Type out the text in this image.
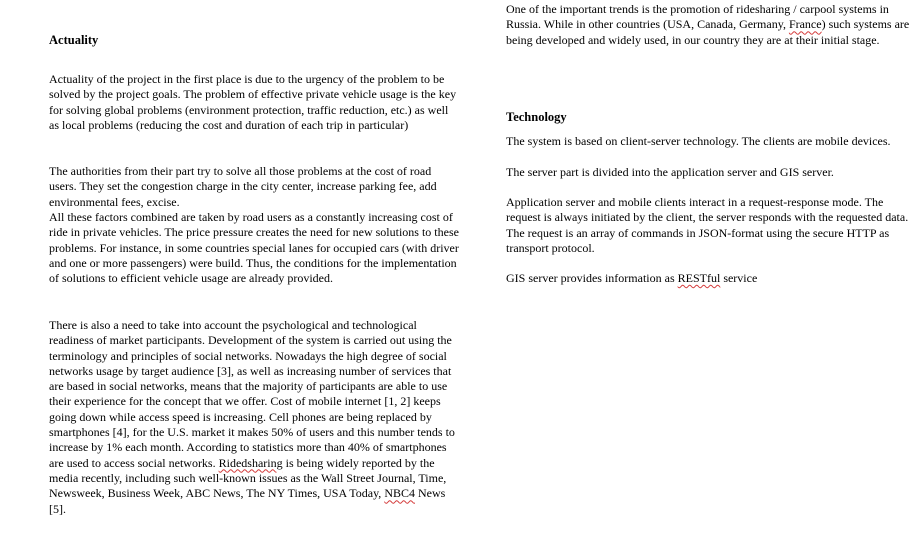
Actuality

Actuality of the project in the first place is due to the urgency of the problem to be solved by the project goals. The problem of effective private vehicle usage is the key for solving global problems (environment protection, traffic reduction, etc.) as well as local problems (reducing the cost and duration of each trip in particular)

The authorities from their part try to solve all those problems at the cost of road users. They set the congestion charge in the city center, increase parking fee, add environmental fees, excise.

All these factors combined are taken by road users as a constantly increasing cost of ride in private vehicles. The price pressure creates the need for new solutions to these problems. For instance, in some countries special lanes for occupied cars (with driver and one or more passengers) were build. Thus, the conditions for the implementation of solutions to efficient vehicle usage are already provided.

There is also a need to take into account the psychological and technological readiness of market participants. Development of the system is carried out using the terminology and principles of social networks. Nowadays the high degree of social networks usage by target audience [3], as well as increasing number of services that are based in social networks, means that the majority of participants are able to use their experience for the concept that we offer. Cost of mobile internet [1, 2] keeps going down while access speed is increasing. Cell phones are being replaced by smartphones [4], for the U.S. market it makes 50% of users and this number tends to increase by 1% each month. According to statistics more than 40% of smartphones are used to access social networks. Ridedsharing is being widely reported by the media recently, including such well-known issues as the Wall Street Journal, Time, Newsweek, Business Week, ABC News, The NY Times, USA Today, NBC4 News [5].

One of the important trends is the promotion of ridesharing / carpool systems in Russia. While in other countries (USA, Canada, Germany, France) such systems are being developed and widely used, in our country they are at their initial stage.

Technology

The system is based on client-server technology. The clients are mobile devices.

The server part is divided into the application server and GIS server.

Application server and mobile clients interact in a request-response mode. The request is always initiated by the client, the server responds with the requested data. The request is an array of commands in JSON-format using the secure HTTP as transport protocol.

GIS server provides information as RESTful service
